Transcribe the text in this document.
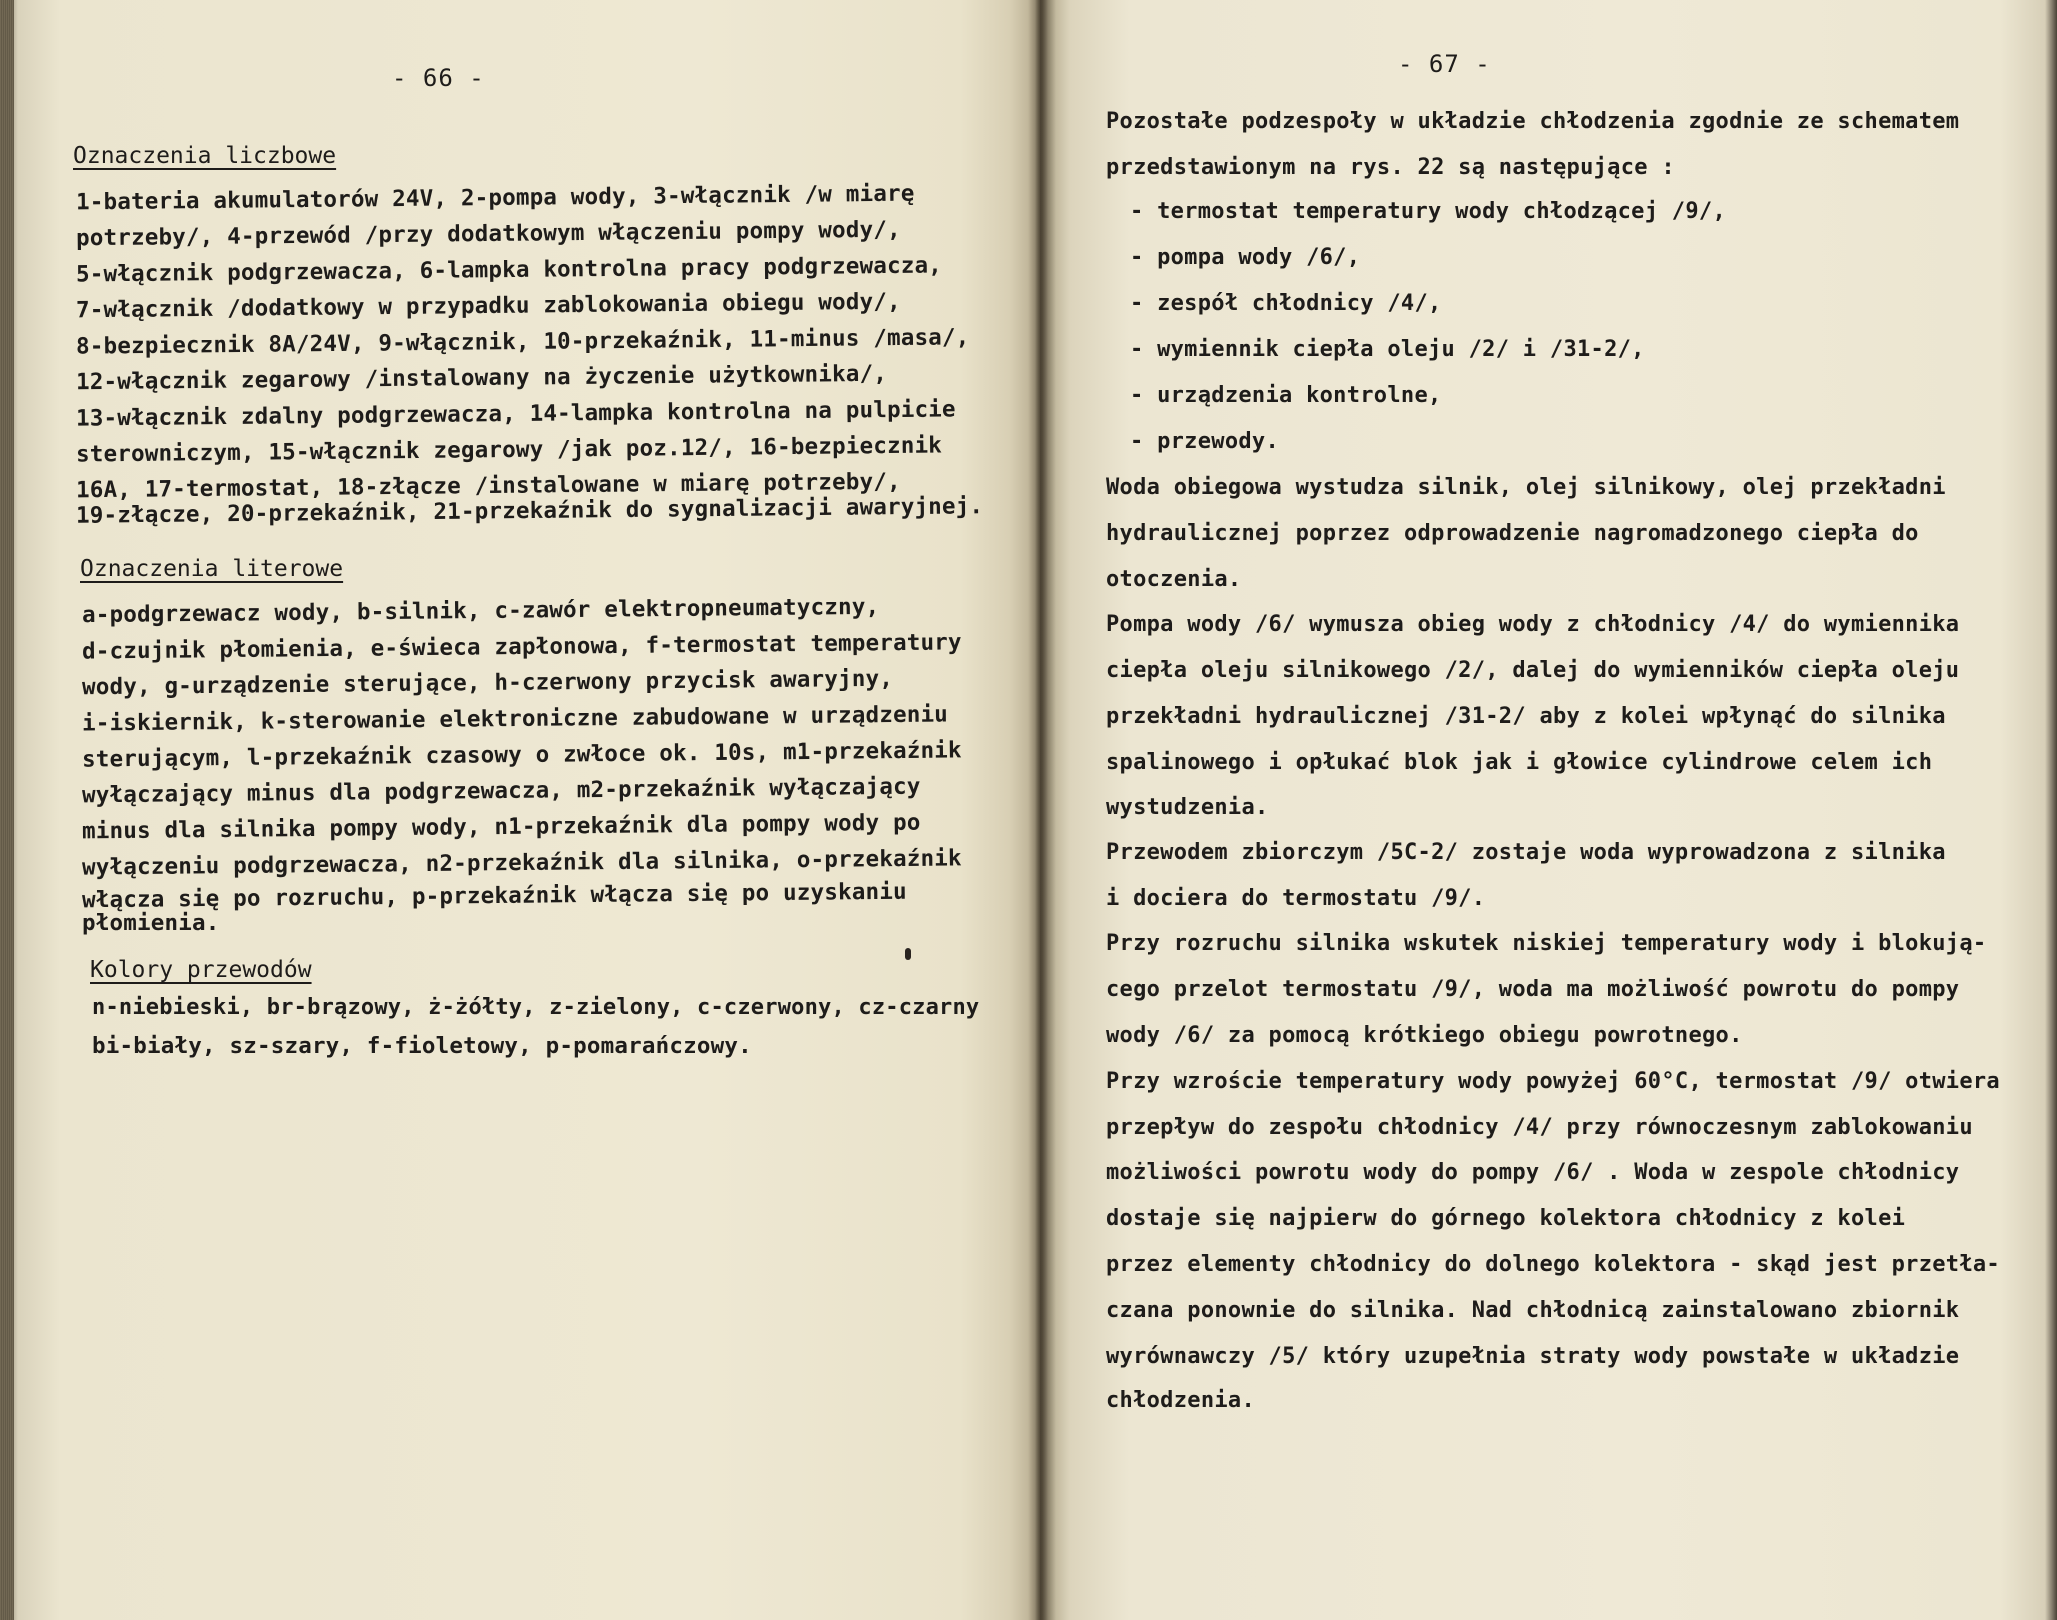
- 66 -
Oznaczenia liczbowe
1-bateria akumulatorów 24V, 2-pompa wody, 3-włącznik /w miarę
potrzeby/, 4-przewód /przy dodatkowym włączeniu pompy wody/,
5-włącznik podgrzewacza, 6-lampka kontrolna pracy podgrzewacza,
7-włącznik /dodatkowy w przypadku zablokowania obiegu wody/,
8-bezpiecznik 8A/24V, 9-włącznik, 10-przekaźnik, 11-minus /masa/,
12-włącznik zegarowy /instalowany na życzenie użytkownika/,
13-włącznik zdalny podgrzewacza, 14-lampka kontrolna na pulpicie
sterowniczym, 15-włącznik zegarowy /jak poz.12/, 16-bezpiecznik
16A, 17-termostat, 18-złącze /instalowane w miarę potrzeby/,
19-złącze, 20-przekaźnik, 21-przekaźnik do sygnalizacji awaryjnej.
Oznaczenia literowe
a-podgrzewacz wody, b-silnik, c-zawór elektropneumatyczny,
d-czujnik płomienia, e-świeca zapłonowa, f-termostat temperatury
wody, g-urządzenie sterujące, h-czerwony przycisk awaryjny,
i-iskiernik, k-sterowanie elektroniczne zabudowane w urządzeniu
sterującym, l-przekaźnik czasowy o zwłoce ok. 10s, m1-przekaźnik
wyłączający minus dla podgrzewacza, m2-przekaźnik wyłączający
minus dla silnika pompy wody, n1-przekaźnik dla pompy wody po
wyłączeniu podgrzewacza, n2-przekaźnik dla silnika, o-przekaźnik
włącza się po rozruchu, p-przekaźnik włącza się po uzyskaniu
płomienia.
Kolory przewodów
n-niebieski, br-brązowy, ż-żółty, z-zielony, c-czerwony, cz-czarny
bi-biały, sz-szary, f-fioletowy, p-pomarańczowy.
- 67 -
Pozostałe podzespoły w układzie chłodzenia zgodnie ze schematem
przedstawionym na rys. 22 są następujące :
- termostat temperatury wody chłodzącej /9/,
- pompa wody /6/,
- zespół chłodnicy /4/,
- wymiennik ciepła oleju /2/ i /31-2/,
- urządzenia kontrolne,
- przewody.
Woda obiegowa wystudza silnik, olej silnikowy, olej przekładni
hydraulicznej poprzez odprowadzenie nagromadzonego ciepła do
otoczenia.
Pompa wody /6/ wymusza obieg wody z chłodnicy /4/ do wymiennika
ciepła oleju silnikowego /2/, dalej do wymienników ciepła oleju
przekładni hydraulicznej /31-2/ aby z kolei wpłynąć do silnika
spalinowego i opłukać blok jak i głowice cylindrowe celem ich
wystudzenia.
Przewodem zbiorczym /5C-2/ zostaje woda wyprowadzona z silnika
i dociera do termostatu /9/.
Przy rozruchu silnika wskutek niskiej temperatury wody i blokują-
cego przelot termostatu /9/, woda ma możliwość powrotu do pompy
wody /6/ za pomocą krótkiego obiegu powrotnego.
Przy wzroście temperatury wody powyżej 60°C, termostat /9/ otwiera
przepływ do zespołu chłodnicy /4/ przy równoczesnym zablokowaniu
możliwości powrotu wody do pompy /6/ . Woda w zespole chłodnicy
dostaje się najpierw do górnego kolektora chłodnicy z kolei
przez elementy chłodnicy do dolnego kolektora - skąd jest przetła-
czana ponownie do silnika. Nad chłodnicą zainstalowano zbiornik
wyrównawczy /5/ który uzupełnia straty wody powstałe w układzie
chłodzenia.
